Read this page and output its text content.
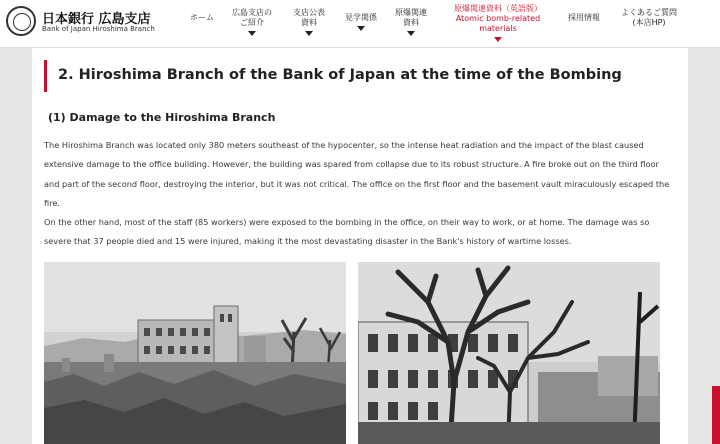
日本銀行 広島支店
Bank of Japan Hiroshima Branch
ホーム
広島支店の
ご紹介
支店公表
資料
見学関係
原爆関連
資料
原爆関連資料（英語版）
Atomic bomb-related
materials
採用情報
よくあるご質問
(本店HP)
2. Hiroshima Branch of the Bank of Japan at the time of the Bombing
(1) Damage to the Hiroshima Branch

The Hiroshima Branch was located only 380 meters southeast of the hypocenter, so the intense heat radiation and the impact of the blast caused extensive damage to the office building. However, the building was spared from collapse due to its robust structure. A fire broke out on the third floor and part of the second floor, destroying the interior, but it was not critical. The office on the first floor and the basement vault miraculously escaped the fire.

On the other hand, most of the staff (85 workers) were exposed to the bombing in the office, on their way to work, or at home. The damage was so severe that 37 people died and 15 were injured, making it the most devastating disaster in the Bank's history of wartime losses.
